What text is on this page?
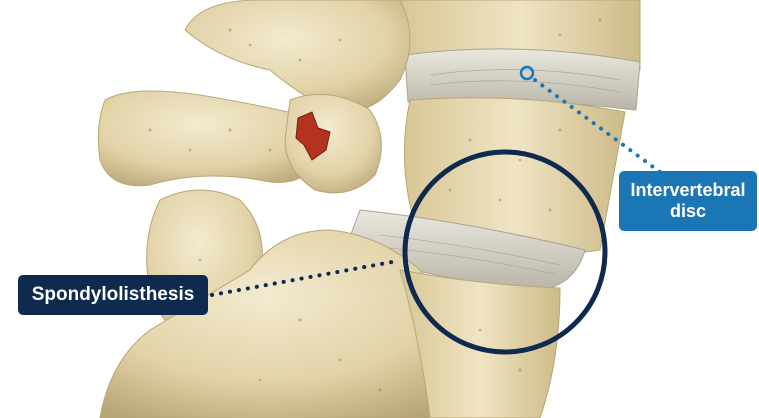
Spondylolisthesis
Intervertebral
disc
